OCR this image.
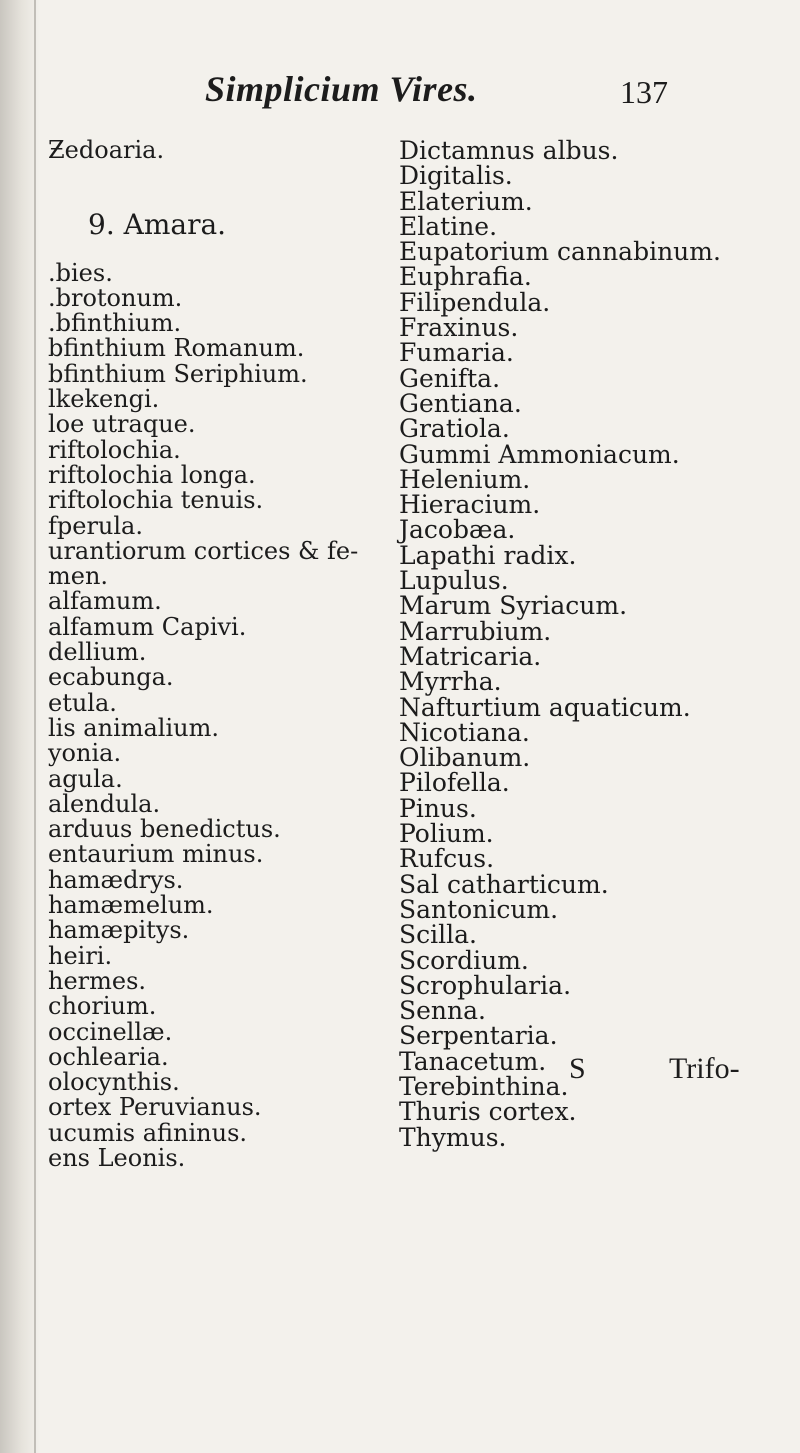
Simplicium Vires.	137
Ƶedoaria.
9. Amara.
.bies.
.brotonum.
.bfinthium.
bfinthium Romanum.
bfinthium Seriphium.
lkekengi.
loe utraque.
riftolochia.
riftolochia longa.
riftolochia tenuis.
fperula.
urantiorum cortices & fe-
men.
alfamum.
alfamum Capivi.
dellium.
ecabunga.
etula.
lis animalium.
yonia.
agula.
alendula.
arduus benedictus.
entaurium minus.
hamædrys.
hamæmelum.
hamæpitys.
heiri.
hermes.
chorium.
occinellæ.
ochlearia.
olocynthis.
ortex Peruvianus.
ucumis afininus.
ens Leonis.
Dictamnus albus.
Digitalis.
Elaterium.
Elatine.
Eupatorium cannabinum.
Euphrafia.
Filipendula.
Fraxinus.
Fumaria.
Genifta.
Gentiana.
Gratiola.
Gummi Ammoniacum.
Helenium.
Hieracium.
Jacobæa.
Lapathi radix.
Lupulus.
Marum Syriacum.
Marrubium.
Matricaria.
Myrrha.
Nafturtium aquaticum.
Nicotiana.
Olibanum.
Pilofella.
Pinus.
Polium.
Rufcus.
Sal catharticum.
Santonicum.
Scilla.
Scordium.
Scrophularia.
Senna.
Serpentaria.
Tanacetum.
Terebinthina.
Thuris cortex.
Thymus.
S	Trifo-
